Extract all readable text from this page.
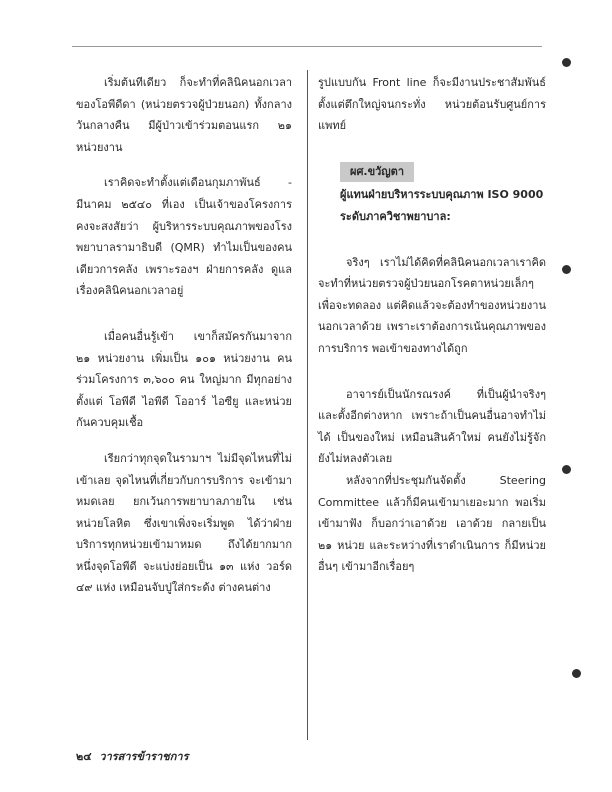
เริ่มต้นทีเดียว ก็จะทำที่คลินิคนอกเวลาของโอพีดีดา (หน่วยตรวจผู้ป่วยนอก) ทั้งกลางวันกลางคืน มีผู้ป่าวเข้าร่วมตอนแรก ๒๑ หน่วยงาน

เราคิดจะทำตั้งแต่เดือนกุมภาพันธ์ - มีนาคม ๒๕๔๐ ที่เอง เป็นเจ้าของโครงการคงจะสงสัยว่า ผู้บริหารระบบคุณภาพของโรงพยาบาลรามาธิบดี (QMR) ทำไมเป็นของคนเดียวการคลัง เพราะรองฯ ฝ่ายการคลัง ดูแลเรื่องคลินิคนอกเวลาอยู่

เมื่อคนอื่นรู้เข้า เขาก็สมัครกันมาจาก ๒๑ หน่วยงาน เพิ่มเป็น ๑๐๑ หน่วยงาน คนร่วมโครงการ ๓,๖๐๐ คน ใหญ่มาก มีทุกอย่าง ตั้งแต่ โอพีดี ไอพีดี โออาร์ ไอซียู และหน่วยกันควบคุมเชื้อ

เรียกว่าทุกจุดในรามาฯ ไม่มีจุดไหนที่ไม่เข้าเลย จุดไหนที่เกี่ยวกับการบริการ จะเข้ามาหมดเลย ยกเว้นการพยาบาลภายใน เช่น หน่วยโลหิต ซึ่งเขาเพิ่งจะเริ่มพูด ได้ว่าฝ่ายบริการทุกหน่วยเข้ามาหมด ถึงได้ยากมาก หนึ่งจุดโอพีดี จะแบ่งย่อยเป็น ๑๓ แห่ง วอร์ด ๔๙ แห่ง เหมือนจับปูใส่กระด้ง ต่างคนต่าง

รูปแบบกัน Front line ก็จะมีงานประชาสัมพันธ์ ตั้งแต่ตึกใหญ่จนกระทั่ง หน่วยต้อนรับศูนย์การแพทย์

ผศ.ขวัญตา

ผู้แทนฝ่ายบริหารระบบคุณภาพ ISO 9000 ระดับภาควิชาพยาบาล:

จริงๆ เราไม่ได้คิดที่คลินิคนอกเวลาเราคิดจะทำที่หน่วยตรวจผู้ป่วยนอกโรคตาหน่วยเล็กๆ เพื่อจะทดลอง แต่คิดแล้วจะต้องทำของหน่วยงานนอกเวลาด้วย เพราะเราต้องการเน้นคุณภาพของการบริการ พอเข้าของทางได้ถูก

อาจารย์เป็นนักรณรงค์ ที่เป็นผู้นำจริงๆ และตั้งอีกต่างหาก เพราะถ้าเป็นคนอื่นอาจทำไม่ได้ เป็นของใหม่ เหมือนสินค้าใหม่ คนยังไม่รู้จัก ยังไม่หลงตัวเลย

หลังจากที่ประชุมกันจัดตั้ง Steering Committee แล้วก็มีคนเข้ามาเยอะมาก พอเริ่มเข้ามาฟัง ก็บอกว่าเอาด้วย เอาด้วย กลายเป็น ๒๑ หน่วย และระหว่างที่เราดำเนินการ ก็มีหน่วยอื่นๆ เข้ามาอีกเรื่อยๆ

๒๔ วารสารข้าราชการ
